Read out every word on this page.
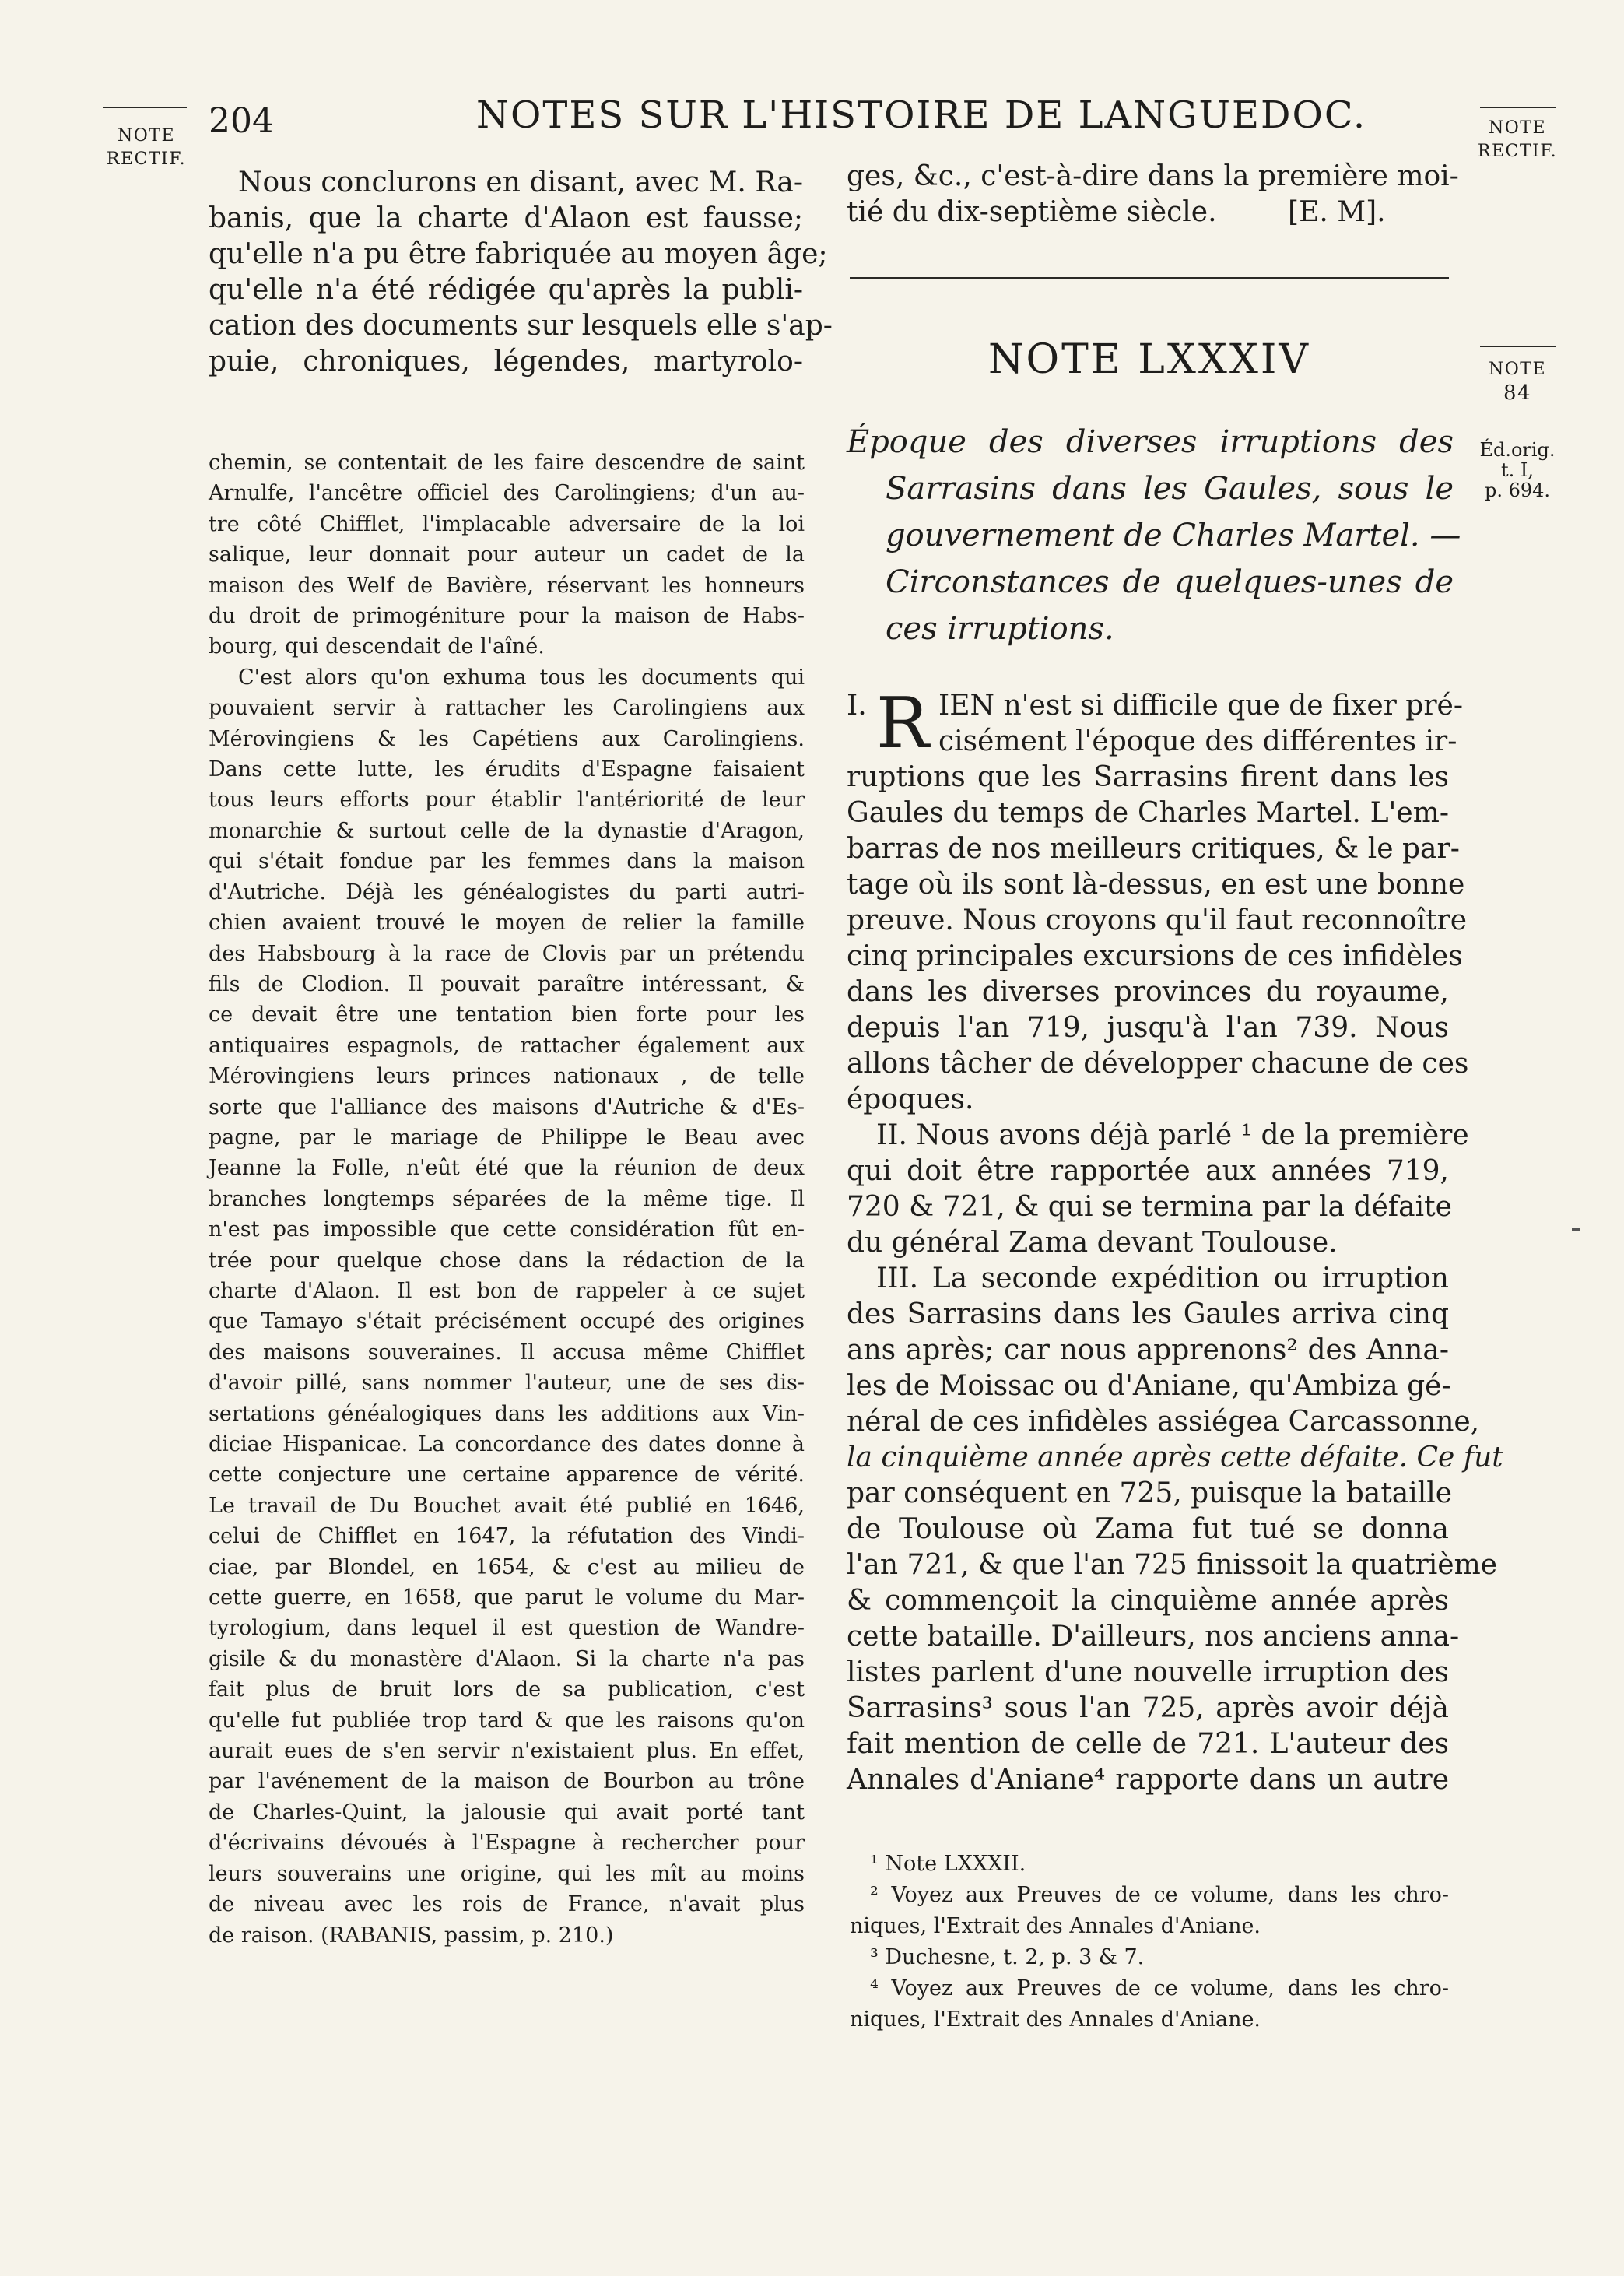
NOTE
RECTIF.
204	NOTES SUR L'HISTOIRE DE LANGUEDOC.	NOTE
RECTIF.
NOTE
84
Éd.orig.
t. I,
p. 694.
Nous conclurons en disant, avec M. Ra-
banis, que la charte d'Alaon est fausse;
qu'elle n'a pu être fabriquée au moyen âge;
qu'elle n'a été rédigée qu'après la publi-
cation des documents sur lesquels elle s'ap-
puie, chroniques, légendes, martyrolo-
ges, &c., c'est-à-dire dans la première moi-
tié du dix-septième siècle.        [E. M].
chemin, se contentait de les faire descendre de saint
Arnulfe, l'ancêtre officiel des Carolingiens; d'un au-
tre côté Chifflet, l'implacable adversaire de la loi
salique, leur donnait pour auteur un cadet de la
maison des Welf de Bavière, réservant les honneurs
du droit de primogéniture pour la maison de Habs-
bourg, qui descendait de l'aîné.
C'est alors qu'on exhuma tous les documents qui
pouvaient servir à rattacher les Carolingiens aux
Mérovingiens & les Capétiens aux Carolingiens.
Dans cette lutte, les érudits d'Espagne faisaient
tous leurs efforts pour établir l'antériorité de leur
monarchie & surtout celle de la dynastie d'Aragon,
qui s'était fondue par les femmes dans la maison
d'Autriche. Déjà les généalogistes du parti autri-
chien avaient trouvé le moyen de relier la famille
des Habsbourg à la race de Clovis par un prétendu
fils de Clodion. Il pouvait paraître intéressant, &
ce devait être une tentation bien forte pour les
antiquaires espagnols, de rattacher également aux
Mérovingiens leurs princes nationaux , de telle
sorte que l'alliance des maisons d'Autriche & d'Es-
pagne, par le mariage de Philippe le Beau avec
Jeanne la Folle, n'eût été que la réunion de deux
branches longtemps séparées de la même tige. Il
n'est pas impossible que cette considération fût en-
trée pour quelque chose dans la rédaction de la
charte d'Alaon. Il est bon de rappeler à ce sujet
que Tamayo s'était précisément occupé des origines
des maisons souveraines. Il accusa même Chifflet
d'avoir pillé, sans nommer l'auteur, une de ses dis-
sertations généalogiques dans les additions aux Vin-
diciae Hispanicae. La concordance des dates donne à
cette conjecture une certaine apparence de vérité.
Le travail de Du Bouchet avait été publié en 1646,
celui de Chifflet en 1647, la réfutation des Vindi-
ciae, par Blondel, en 1654, & c'est au milieu de
cette guerre, en 1658, que parut le volume du Mar-
tyrologium, dans lequel il est question de Wandre-
gisile & du monastère d'Alaon. Si la charte n'a pas
fait plus de bruit lors de sa publication, c'est
qu'elle fut publiée trop tard & que les raisons qu'on
aurait eues de s'en servir n'existaient plus. En effet,
par l'avénement de la maison de Bourbon au trône
de Charles-Quint, la jalousie qui avait porté tant
d'écrivains dévoués à l'Espagne à rechercher pour
leurs souverains une origine, qui les mît au moins
de niveau avec les rois de France, n'avait plus
de raison. (RABANIS, passim, p. 210.)
NOTE LXXXIV
Époque des diverses irruptions des
Sarrasins dans les Gaules, sous le
gouvernement de Charles Martel. —
Circonstances de quelques-unes de
ces irruptions.
I. R IEN n'est si difficile que de fixer pré-
cisément l'époque des différentes ir-
ruptions que les Sarrasins firent dans les
Gaules du temps de Charles Martel. L'em-
barras de nos meilleurs critiques, & le par-
tage où ils sont là-dessus, en est une bonne
preuve. Nous croyons qu'il faut reconnoître
cinq principales excursions de ces infidèles
dans les diverses provinces du royaume,
depuis l'an 719, jusqu'à l'an 739. Nous
allons tâcher de développer chacune de ces
époques.
II. Nous avons déjà parlé ¹ de la première
qui doit être rapportée aux années 719,
720 & 721, & qui se termina par la défaite
du général Zama devant Toulouse.
III. La seconde expédition ou irruption
des Sarrasins dans les Gaules arriva cinq
ans après; car nous apprenons² des Anna-
les de Moissac ou d'Aniane, qu'Ambiza gé-
néral de ces infidèles assiégea Carcassonne,
la cinquième année après cette défaite. Ce fut
par conséquent en 725, puisque la bataille
de Toulouse où Zama fut tué se donna
l'an 721, & que l'an 725 finissoit la quatrième
& commençoit la cinquième année après
cette bataille. D'ailleurs, nos anciens anna-
listes parlent d'une nouvelle irruption des
Sarrasins³ sous l'an 725, après avoir déjà
fait mention de celle de 721. L'auteur des
Annales d'Aniane⁴ rapporte dans un autre
¹ Note LXXXII.
² Voyez aux Preuves de ce volume, dans les chro-
niques, l'Extrait des Annales d'Aniane.
³ Duchesne, t. 2, p. 3 & 7.
⁴ Voyez aux Preuves de ce volume, dans les chro-
niques, l'Extrait des Annales d'Aniane.
